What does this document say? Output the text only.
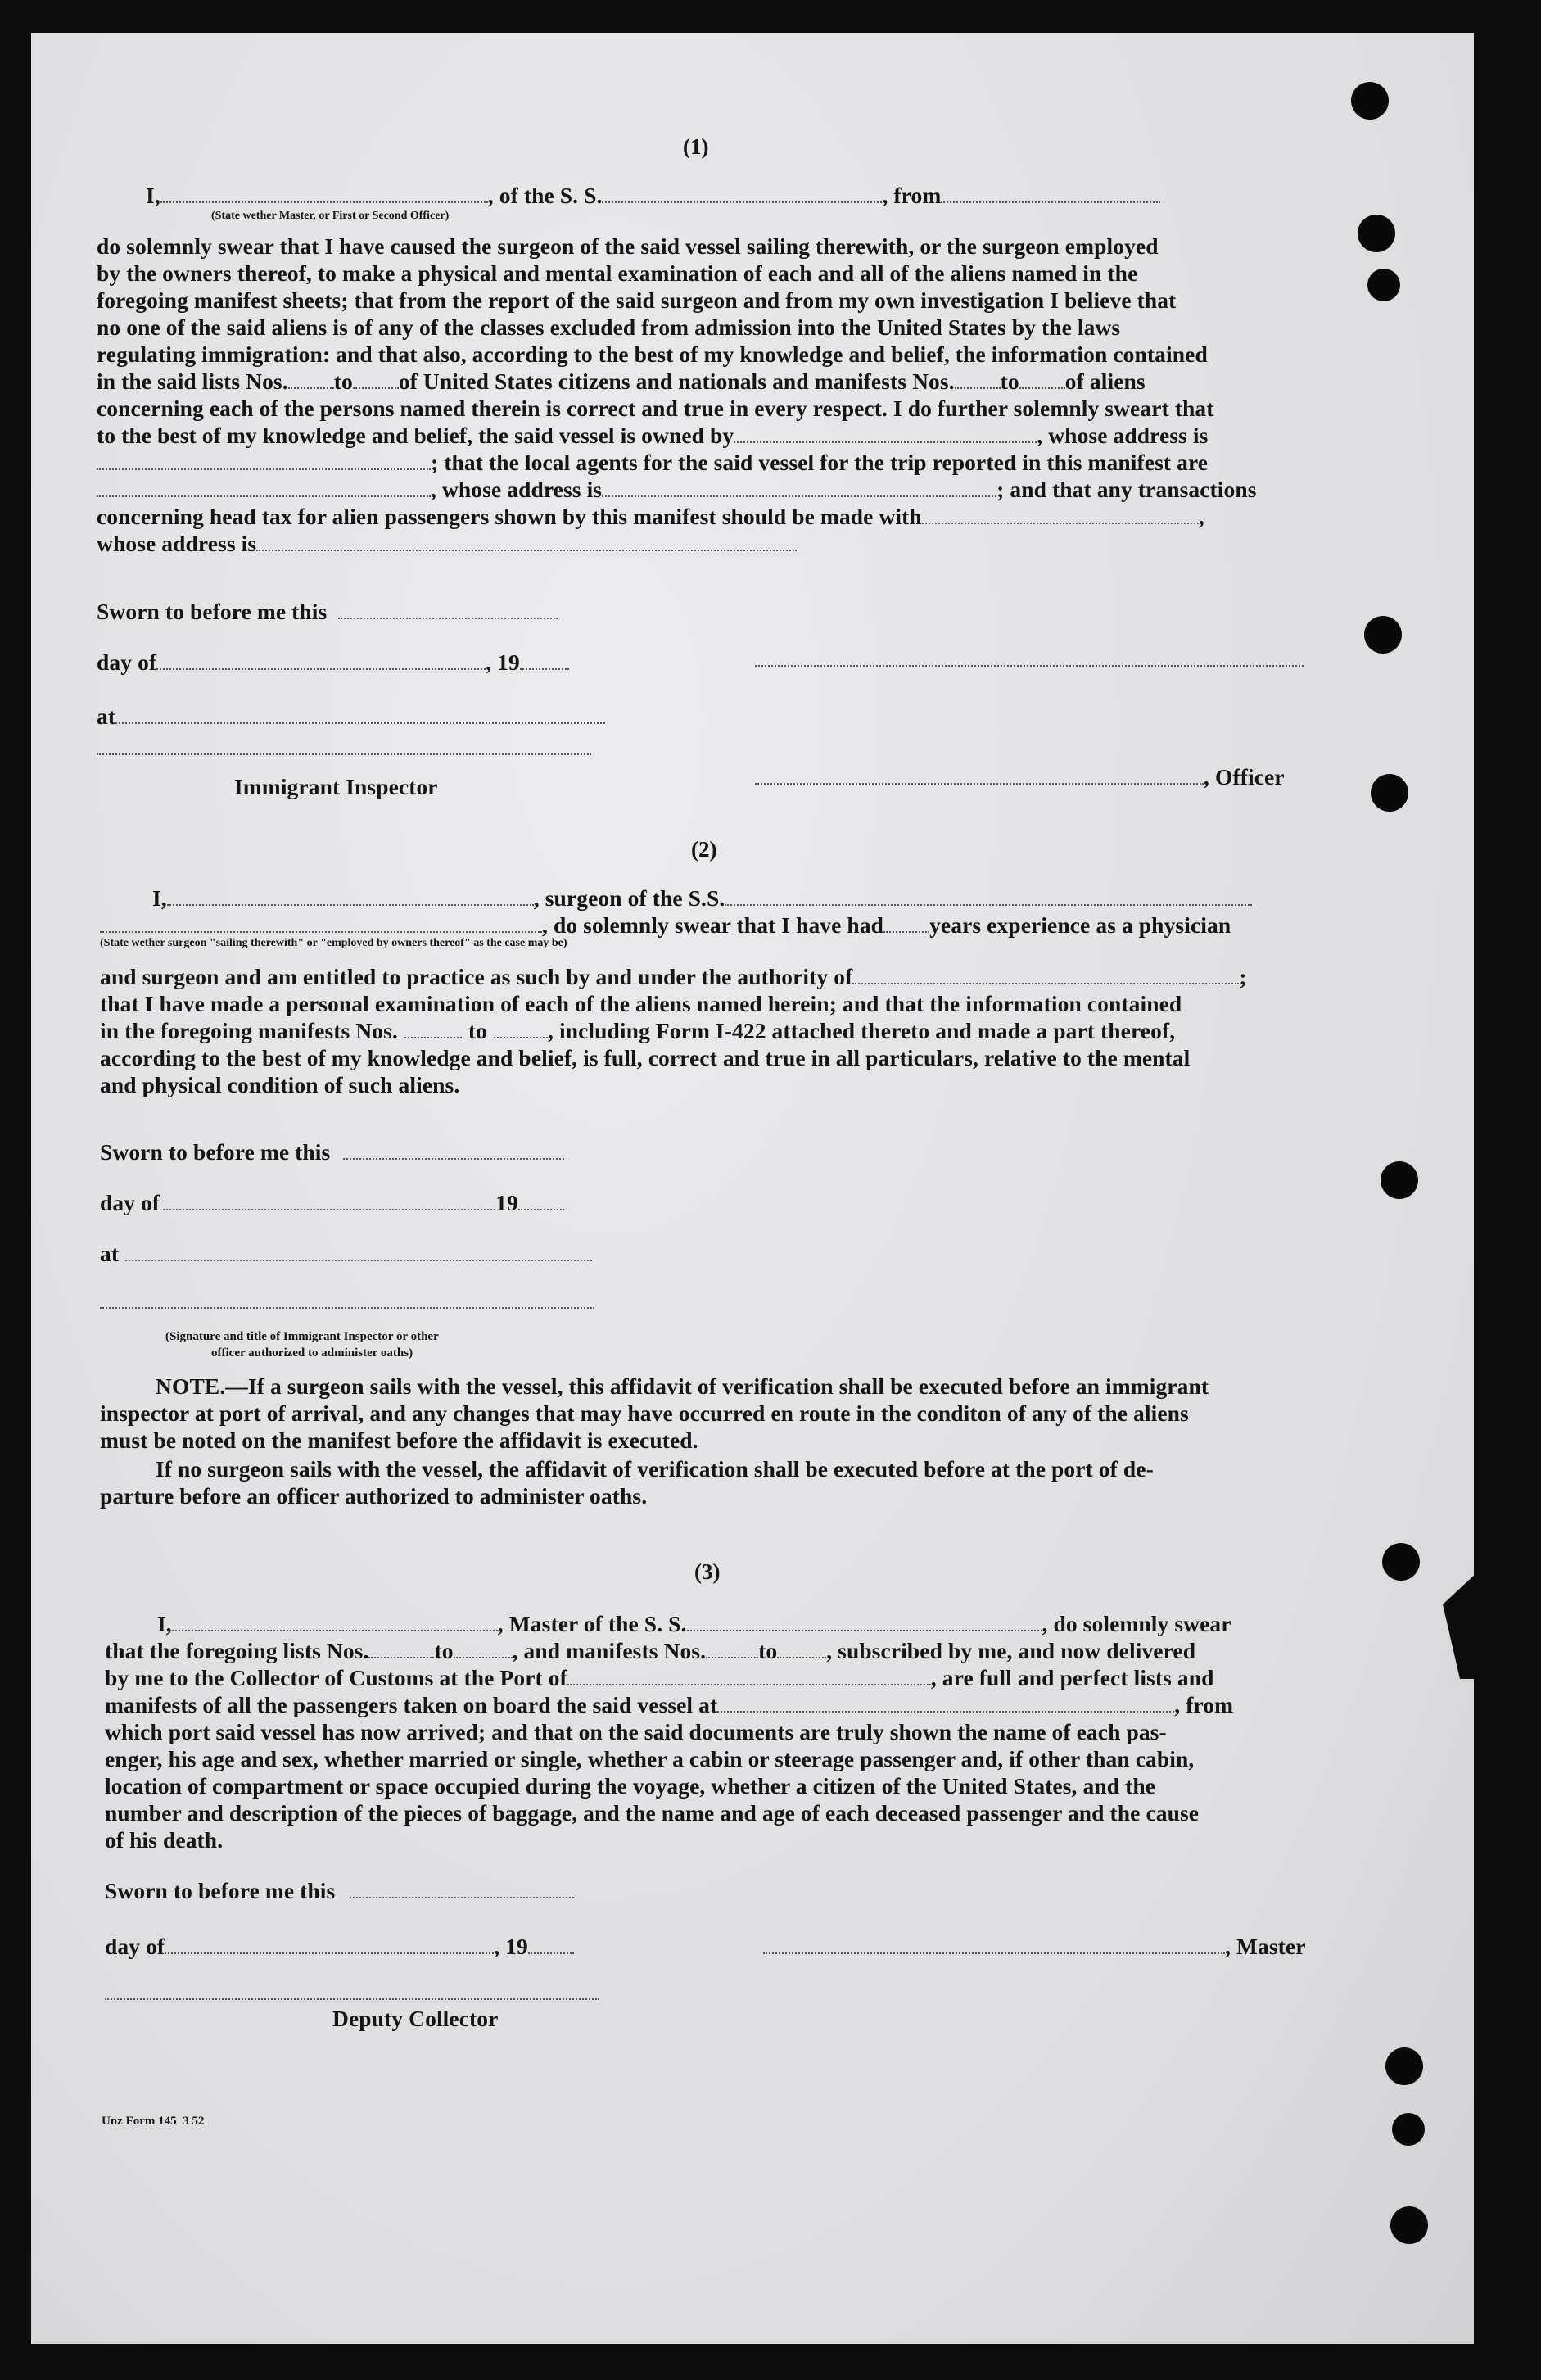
(1)
I,	, of the S. S.	, from
(State wether Master, or First or Second Officer)
do solemnly swear that I have caused the surgeon of the said vessel sailing therewith, or the surgeon employed
by the owners thereof, to make a physical and mental examination of each and all of the aliens named in the
foregoing manifest sheets; that from the report of the said surgeon and from my own investigation I believe that
no one of the said aliens is of any of the classes excluded from admission into the United States by the laws
regulating immigration: and that also, according to the best of my knowledge and belief, the information contained
in the said lists Nos. to of United States citizens and nationals and manifests Nos. to of aliens
concerning each of the persons named therein is correct and true in every respect. I do further solemnly sweart that
to the best of my knowledge and belief, the said vessel is owned by	, whose address is
; that the local agents for the said vessel for the trip reported in this manifest are
, whose address is	; and that any transactions
concerning head tax for alien passengers shown by this manifest should be made with	,
whose address is
Sworn to before me this
day of	, 19
at
Immigrant Inspector	, Officer
(2)
I,	, surgeon of the S.S.
, do solemnly swear that I have had years experience as a physician
(State wether surgeon "sailing therewith" or "employed by owners thereof" as the case may be)
and surgeon and am entitled to practice as such by and under the authority of	;
that I have made a personal examination of each of the aliens named herein; and that the information contained
in the foregoing manifests Nos.	to	, including Form I-422 attached thereto and made a part thereof,
according to the best of my knowledge and belief, is full, correct and true in all particulars, relative to the mental
and physical condition of such aliens.
Sworn to before me this
day of	19
at
(Signature and title of Immigrant Inspector or other
officer authorized to administer oaths)
NOTE.—If a surgeon sails with the vessel, this affidavit of verification shall be executed before an immigrant
inspector at port of arrival, and any changes that may have occurred en route in the conditon of any of the aliens
must be noted on the manifest before the affidavit is executed.
If no surgeon sails with the vessel, the affidavit of verification shall be executed before at the port of de-
parture before an officer authorized to administer oaths.
(3)
I,	, Master of the S. S.	, do solemnly swear
that the foregoing lists Nos.	to	, and manifests Nos. to , subscribed by me, and now delivered
by me to the Collector of Customs at the Port of	, are full and perfect lists and
manifests of all the passengers taken on board the said vessel at	, from
which port said vessel has now arrived; and that on the said documents are truly shown the name of each pas-
enger, his age and sex, whether married or single, whether a cabin or steerage passenger and, if other than cabin,
location of compartment or space occupied during the voyage, whether a citizen of the United States, and the
number and description of the pieces of baggage, and the name and age of each deceased passenger and the cause
of his death.
Sworn to before me this
day of	, 19	, Master
Deputy Collector
Unz Form 145  3 52
